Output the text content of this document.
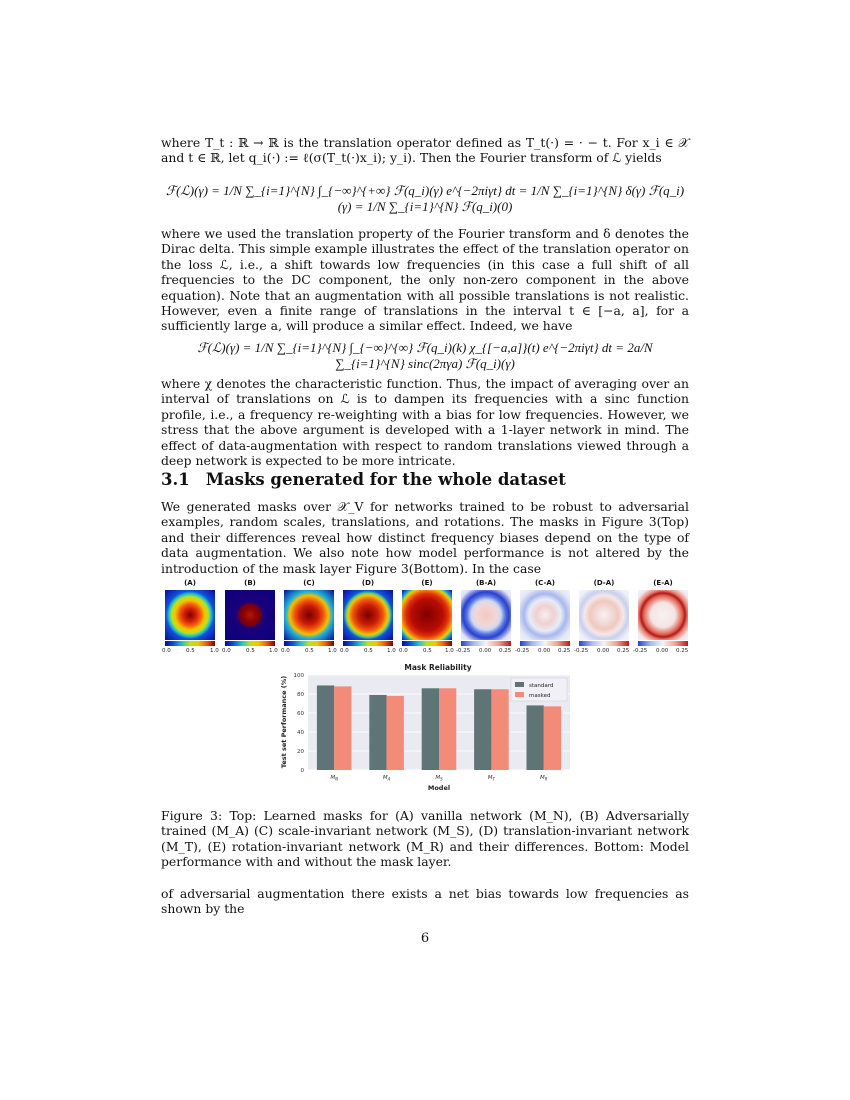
where T_t : ℝ → ℝ is the translation operator defined as T_t(·) = · − t. For x_i ∈ 𝒳 and t ∈ ℝ, let q_i(·) := ℓ(σ(T_t(·)x_i); y_i). Then the Fourier transform of ℒ yields

ℱ(ℒ)(γ) = 1/N ∑_{i=1}^{N} ∫_{−∞}^{+∞} ℱ(q_i)(γ) e^{−2πiγt} dt = 1/N ∑_{i=1}^{N} δ(γ) ℱ(q_i)(γ) = 1/N ∑_{i=1}^{N} ℱ(q_i)(0)

where we used the translation property of the Fourier transform and δ denotes the Dirac delta. This simple example illustrates the effect of the translation operator on the loss ℒ, i.e., a shift towards low frequencies (in this case a full shift of all frequencies to the DC component, the only non-zero component in the above equation). Note that an augmentation with all possible translations is not realistic. However, even a finite range of translations in the interval t ∈ [−a, a], for a sufficiently large a, will produce a similar effect. Indeed, we have

ℱ(ℒ)(γ) = 1/N ∑_{i=1}^{N} ∫_{−∞}^{∞} ℱ(q_i)(k) χ_{[−a,a]}(t) e^{−2πiγt} dt = 2a/N ∑_{i=1}^{N} sinc(2πγa) ℱ(q_i)(γ)

where χ denotes the characteristic function. Thus, the impact of averaging over an interval of translations on ℒ is to dampen its frequencies with a sinc function profile, i.e., a frequency re-weighting with a bias for low frequencies. However, we stress that the above argument is developed with a 1-layer network in mind. The effect of data-augmentation with respect to random translations viewed through a deep network is expected to be more intricate.

3.1 Masks generated for the whole dataset

We generated masks over 𝒳_V for networks trained to be robust to adversarial examples, random scales, translations, and rotations. The masks in Figure 3(Top) and their differences reveal how distinct frequency biases depend on the type of data augmentation. We also note how model performance is not altered by the introduction of the mask layer Figure 3(Bottom). In the case

(A)	(B)	(C)	(D)	(E)	(B-A)	(C-A)	(D-A)	(E-A)
0.0	0.5	1.0 0.0	0.5	1.0 0.0	0.5	1.0 0.0	0.5	1.0 0.0	0.5 1.0 -0.25 0.00 0.25 -0.25 0.00 0.25 -0.25 0.00 0.25 -0.25 0.00 0.25
Mask Reliability
0
20
40
60
80
100
$M_N$	$M_A$	$M_S$	$M_T$	$M_R$
Test set Performance (%)
Model
standard
masked

Figure 3: Top: Learned masks for (A) vanilla network (M_N), (B) Adversarially trained (M_A) (C) scale-invariant network (M_S), (D) translation-invariant network (M_T), (E) rotation-invariant network (M_R) and their differences. Bottom: Model performance with and without the mask layer.

of adversarial augmentation there exists a net bias towards low frequencies as shown by the

6
